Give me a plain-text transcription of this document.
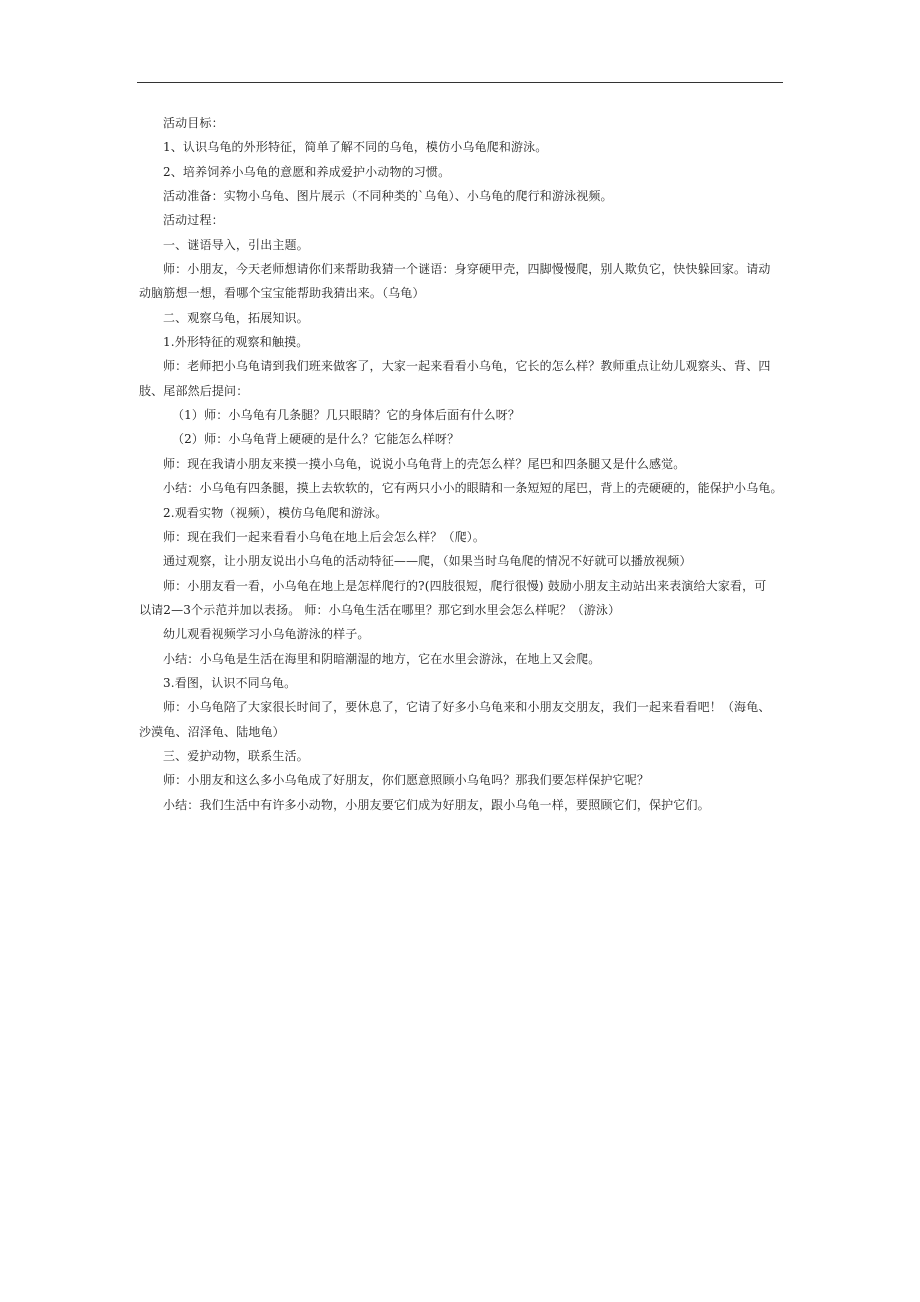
活动目标：
1、认识乌龟的外形特征，简单了解不同的乌龟，模仿小乌龟爬和游泳。
2、培养饲养小乌龟的意愿和养成爱护小动物的习惯。
活动准备：实物小乌龟、图片展示（不同种类的`乌龟）、小乌龟的爬行和游泳视频。
活动过程：
一、谜语导入，引出主题。
师：小朋友，今天老师想请你们来帮助我猜一个谜语：身穿硬甲壳，四脚慢慢爬，别人欺负它，快快躲回家。请动
动脑筋想一想，看哪个宝宝能帮助我猜出来。（乌龟）
二、观察乌龟，拓展知识。
1.外形特征的观察和触摸。
师：老师把小乌龟请到我们班来做客了，大家一起来看看小乌龟，它长的怎么样？教师重点让幼儿观察头、背、四
肢、尾部然后提问：
（1）师：小乌龟有几条腿？几只眼睛？它的身体后面有什么呀？
（2）师：小乌龟背上硬硬的是什么？它能怎么样呀？
师：现在我请小朋友来摸一摸小乌龟，说说小乌龟背上的壳怎么样？尾巴和四条腿又是什么感觉。
小结：小乌龟有四条腿，摸上去软软的，它有两只小小的眼睛和一条短短的尾巴，背上的壳硬硬的，能保护小乌龟。
2.观看实物（视频），模仿乌龟爬和游泳。
师：现在我们一起来看看小乌龟在地上后会怎么样？（爬）。
通过观察，让小朋友说出小乌龟的活动特征——爬，（如果当时乌龟爬的情况不好就可以播放视频）
师：小朋友看一看，小乌龟在地上是怎样爬行的?(四肢很短，爬行很慢) 鼓励小朋友主动站出来表演给大家看，可
以请2—3个示范并加以表扬。 师：小乌龟生活在哪里？那它到水里会怎么样呢？（游泳）
幼儿观看视频学习小乌龟游泳的样子。
小结：小乌龟是生活在海里和阴暗潮湿的地方，它在水里会游泳，在地上又会爬。
3.看图，认识不同乌龟。
师：小乌龟陪了大家很长时间了，要休息了，它请了好多小乌龟来和小朋友交朋友，我们一起来看看吧！（海龟、
沙漠龟、沼泽龟、陆地龟）
三、爱护动物，联系生活。
师：小朋友和这么多小乌龟成了好朋友，你们愿意照顾小乌龟吗？那我们要怎样保护它呢？
小结：我们生活中有许多小动物，小朋友要它们成为好朋友，跟小乌龟一样，要照顾它们，保护它们。
